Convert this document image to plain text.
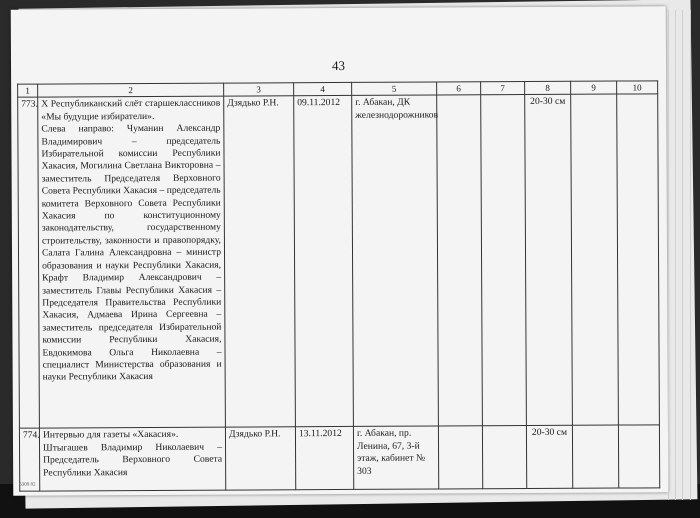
43
1	2	3	4	5	6	7	8	9	10
773.	X Республиканский слёт старшеклассников «Мы будущие избиратели».
Слева направо: Чуманин Александр Владимирович – председатель Избирательной комиссии Республики Хакасия, Могилина Светлана Викторовна – заместитель Председателя Верховного Совета Республики Хакасия – председатель комитета Верховного Совета Республики Хакасия по конституционному законодательству, государственному строительству, законности и правопорядку, Салата Галина Александровна – министр образования и науки Республики Хакасия, Крафт Владимир Александрович – заместитель Главы Республики Хакасия – Председателя Правительства Республики Хакасия, Адмаева Ирина Сергеевна – заместитель председателя Избирательной комиссии Республики Хакасия, Евдокимова Ольга Николаевна – специалист Министерства образования и науки Республики Хакасия	Дзядько Р.Н.	09.11.2012	г. Абакан, ДК железнодорожников			20-30 см		
774.	Интервью для газеты «Хакасия».
Штыгашев Владимир Николаевич – Председатель Верховного Совета Республики Хакасия	Дзядько Р.Н.	13.11.2012	г. Абакан, пр. Ленина, 67, 3-й этаж, кабинет № 303			20-30 см		
6309 82
